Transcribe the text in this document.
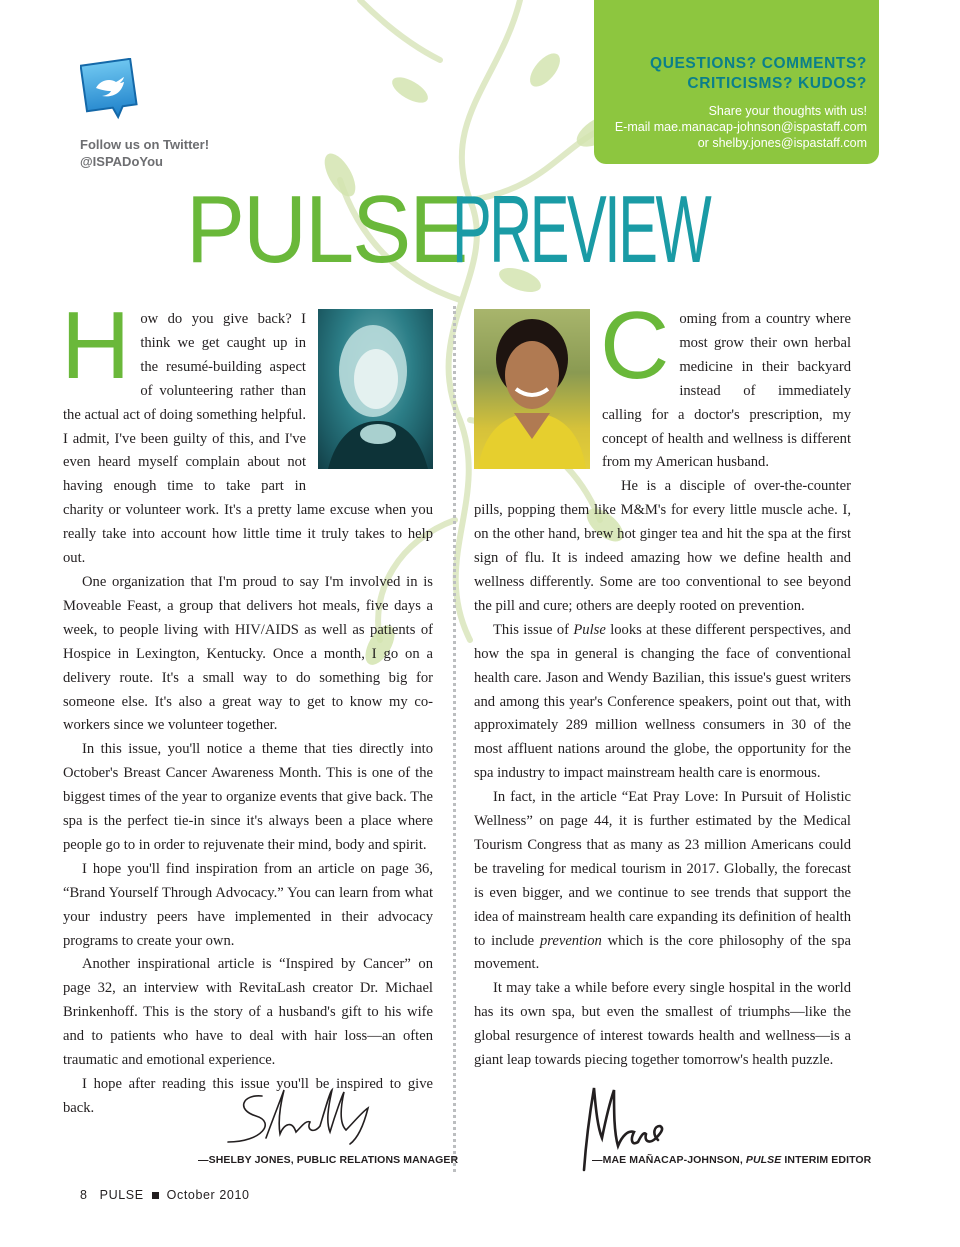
Follow us on Twitter!
@ISPADoYou
QUESTIONS? COMMENTS?
CRITICISMS? KUDOS?
Share your thoughts with us!
E-mail mae.manacap-johnson@ispastaff.com
or shelby.jones@ispastaff.com
PULSE
PREVIEW

How do you give back? I think we get caught up in the resumé-building aspect of volunteering rather than the actual act of doing something helpful. I admit, I've been guilty of this, and I've even heard myself complain about not having enough time to take part in charity or volunteer work. It's a pretty lame excuse when you really take into account how little time it truly takes to help out.

One organization that I'm proud to say I'm involved in is Moveable Feast, a group that delivers hot meals, five days a week, to people living with HIV/AIDS as well as patients of Hospice in Lexington, Kentucky. Once a month, I go on a delivery route. It's a small way to do something big for someone else. It's also a great way to get to know my co-workers since we volunteer together.

In this issue, you'll notice a theme that ties directly into October's Breast Cancer Awareness Month. This is one of the biggest times of the year to organize events that give back. The spa is the perfect tie-in since it's always been a place where people go to in order to rejuvenate their mind, body and spirit.

I hope you'll find inspiration from an article on page 36, “Brand Yourself Through Advocacy.” You can learn from what your industry peers have implemented in their advocacy programs to create your own.

Another inspirational article is “Inspired by Cancer” on page 32, an interview with RevitaLash creator Dr. Michael Brinkenhoff. This is the story of a husband's gift to his wife and to patients who have to deal with hair loss—an often traumatic and emotional experience.

I hope after reading this issue you'll be inspired to give back.

Coming from a country where most grow their own herbal medicine in their backyard instead of immediately calling for a doctor's prescription, my concept of health and wellness is different from my American husband.

He is a disciple of over-the-counter pills, popping them like M&M's for every little muscle ache. I, on the other hand, brew hot ginger tea and hit the spa at the first sign of flu. It is indeed amazing how we define health and wellness differently. Some are too conventional to see beyond the pill and cure; others are deeply rooted on prevention.

This issue of Pulse looks at these different perspectives, and how the spa in general is changing the face of conventional health care. Jason and Wendy Bazilian, this issue's guest writers and among this year's Conference speakers, point out that, with approximately 289 million wellness consumers in 30 of the most affluent nations around the globe, the opportunity for the spa industry to impact mainstream health care is enormous.

In fact, in the article “Eat Pray Love: In Pursuit of Holistic Wellness” on page 44, it is further estimated by the Medical Tourism Congress that as many as 23 million Americans could be traveling for medical tourism in 2017. Globally, the forecast is even bigger, and we continue to see trends that support the idea of mainstream health care expanding its definition of health to include prevention which is the core philosophy of the spa movement.

It may take a while before every single hospital in the world has its own spa, but even the smallest of triumphs—like the global resurgence of interest towards health and wellness—is a giant leap towards piecing together tomorrow's health puzzle.

—SHELBY JONES, PUBLIC RELATIONS MANAGER	—MAE MAÑACAP-JOHNSON, PULSE INTERIM EDITOR
8 PULSE October 2010
